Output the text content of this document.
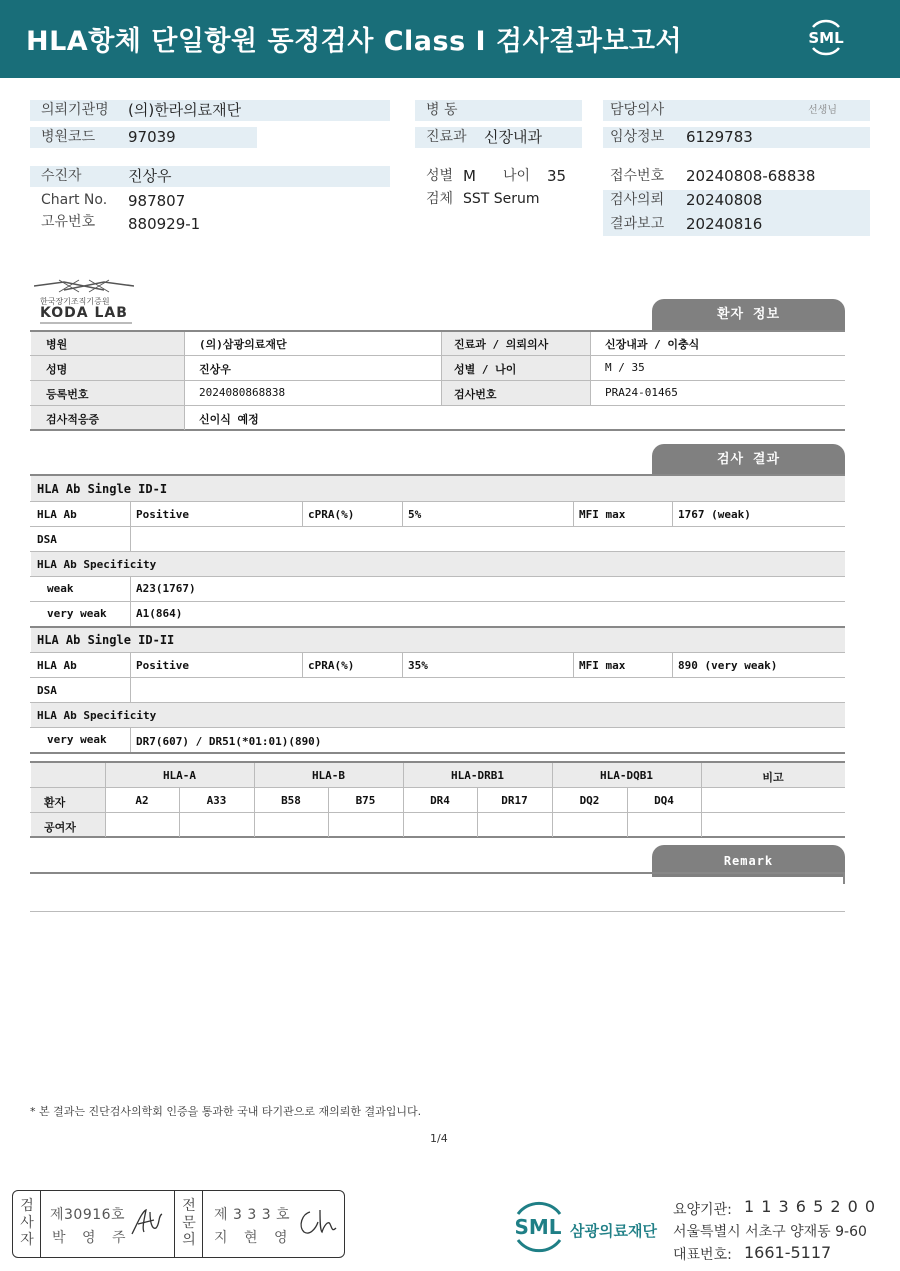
HLA항체 단일항원 동정검사 Class I 검사결과보고서	SML
의뢰기관명 (의)한라의료재단
병원코드 97039
병 동
진료과 신장내과
담당의사	선생님
임상정보 6129783
수진자	진상우
Chart No. 987807
고유번호 880929-1
성별 M 나이 35
검체 SST Serum
접수번호 20240808-68838
검사의뢰 20240808
결과보고 20240816
한국장기조직기증원
KODA LAB	환자 정보
병원	(의)삼광의료재단	진료과 / 의뢰의사	신장내과 / 이충식
성명	진상우	성별 / 나이	M / 35
등록번호	2024080868838	검사번호	PRA24-01465
검사적응증	신이식 예정
검사 결과
HLA Ab Single ID-I
HLA Ab	Positive	cPRA(%)	5%	MFI max	1767 (weak)
DSA
HLA Ab Specificity
weak	A23(1767)
very weak	A1(864)
HLA Ab Single ID-II
HLA Ab	Positive	cPRA(%)	35%	MFI max	890 (very weak)
DSA
HLA Ab Specificity
very weak	DR7(607) / DR51(*01:01)(890)
HLA-A	HLA-B	HLA-DRB1	HLA-DQB1	비고
환자	A2	A33	B58	B75	DR4	DR17	DQ2	DQ4
공여자
Remark
* 본 결과는 진단검사의학회 인증을 통과한 국내 타기관으로 재의뢰한 결과입니다.
1/4
검
사
자
제30916호
박 영 주
전
문
의
제 3 3 3 호
지 현 영	SML 삼광의료재단
요양기관: 1 1 3 6 5 2 0 0
서울특별시 서초구 양재동 9-60
대표번호: 1661-5117
